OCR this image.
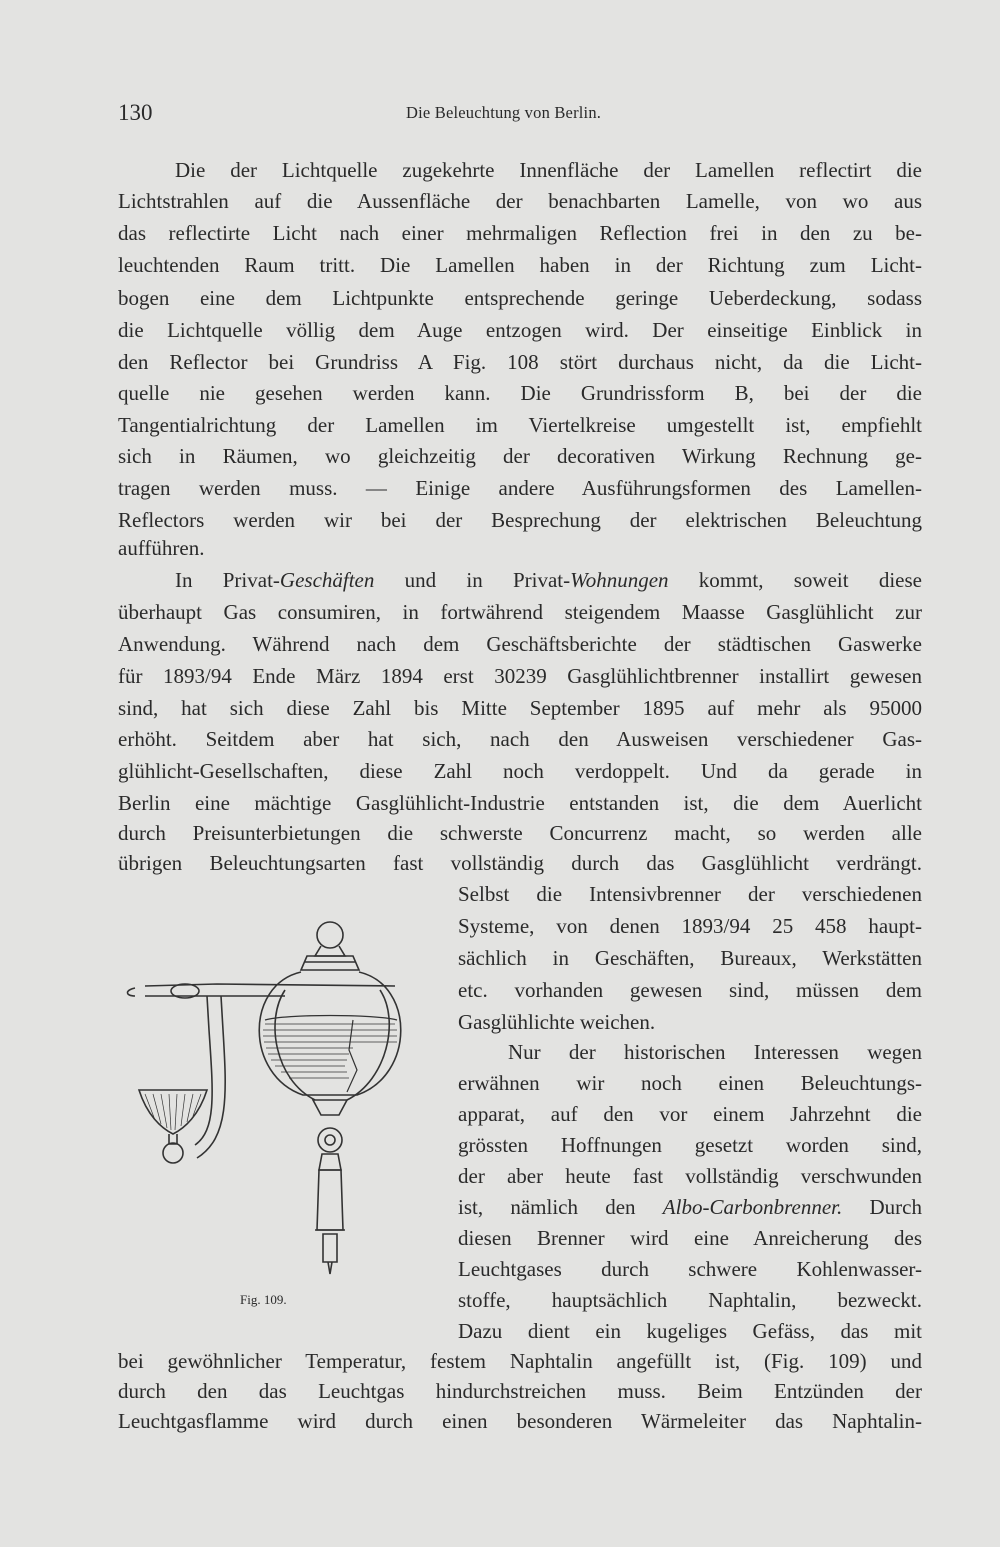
130	Die Beleuchtung von Berlin.
Die der Lichtquelle zugekehrte Innenfläche der Lamellen reflectirt die
Lichtstrahlen auf die Aussenfläche der benachbarten Lamelle, von wo aus
das reflectirte Licht nach einer mehrmaligen Reflection frei in den zu be-
leuchtenden Raum tritt. Die Lamellen haben in der Richtung zum Licht-
bogen eine dem Lichtpunkte entsprechende geringe Ueberdeckung, sodass
die Lichtquelle völlig dem Auge entzogen wird. Der einseitige Einblick in
den Reflector bei Grundriss A Fig. 108 stört durchaus nicht, da die Licht-
quelle nie gesehen werden kann. Die Grundrissform B, bei der die
Tangentialrichtung der Lamellen im Viertelkreise umgestellt ist, empfiehlt
sich in Räumen, wo gleichzeitig der decorativen Wirkung Rechnung ge-
tragen werden muss. — Einige andere Ausführungsformen des Lamellen-
Reflectors werden wir bei der Besprechung der elektrischen Beleuchtung
aufführen.
In Privat-Geschäften und in Privat-Wohnungen kommt, soweit diese
überhaupt Gas consumiren, in fortwährend steigendem Maasse Gasglühlicht zur
Anwendung. Während nach dem Geschäftsberichte der städtischen Gaswerke
für 1893/94 Ende März 1894 erst 30239 Gasglühlichtbrenner installirt gewesen
sind, hat sich diese Zahl bis Mitte September 1895 auf mehr als 95000
erhöht. Seitdem aber hat sich, nach den Ausweisen verschiedener Gas-
glühlicht-Gesellschaften, diese Zahl noch verdoppelt. Und da gerade in
Berlin eine mächtige Gasglühlicht-Industrie entstanden ist, die dem Auerlicht
durch Preisunterbietungen die schwerste Concurrenz macht, so werden alle
übrigen Beleuchtungsarten fast vollständig durch das Gasglühlicht verdrängt.
Selbst die Intensivbrenner der verschiedenen
Systeme, von denen 1893/94 25 458 haupt-
sächlich in Geschäften, Bureaux, Werkstätten
etc. vorhanden gewesen sind, müssen dem
Gasglühlichte weichen.
Nur der historischen Interessen wegen
erwähnen wir noch einen Beleuchtungs-
apparat, auf den vor einem Jahrzehnt die
grössten Hoffnungen gesetzt worden sind,
der aber heute fast vollständig verschwunden
ist, nämlich den Albo-Carbonbrenner. Durch
diesen Brenner wird eine Anreicherung des
Leuchtgases durch schwere Kohlenwasser-
stoffe, hauptsächlich Naphtalin, bezweckt.
Dazu dient ein kugeliges Gefäss, das mit
bei gewöhnlicher Temperatur, festem Naphtalin angefüllt ist, (Fig. 109) und
durch den das Leuchtgas hindurchstreichen muss. Beim Entzünden der
Leuchtgasflamme wird durch einen besonderen Wärmeleiter das Naphtalin-
Fig. 109.
